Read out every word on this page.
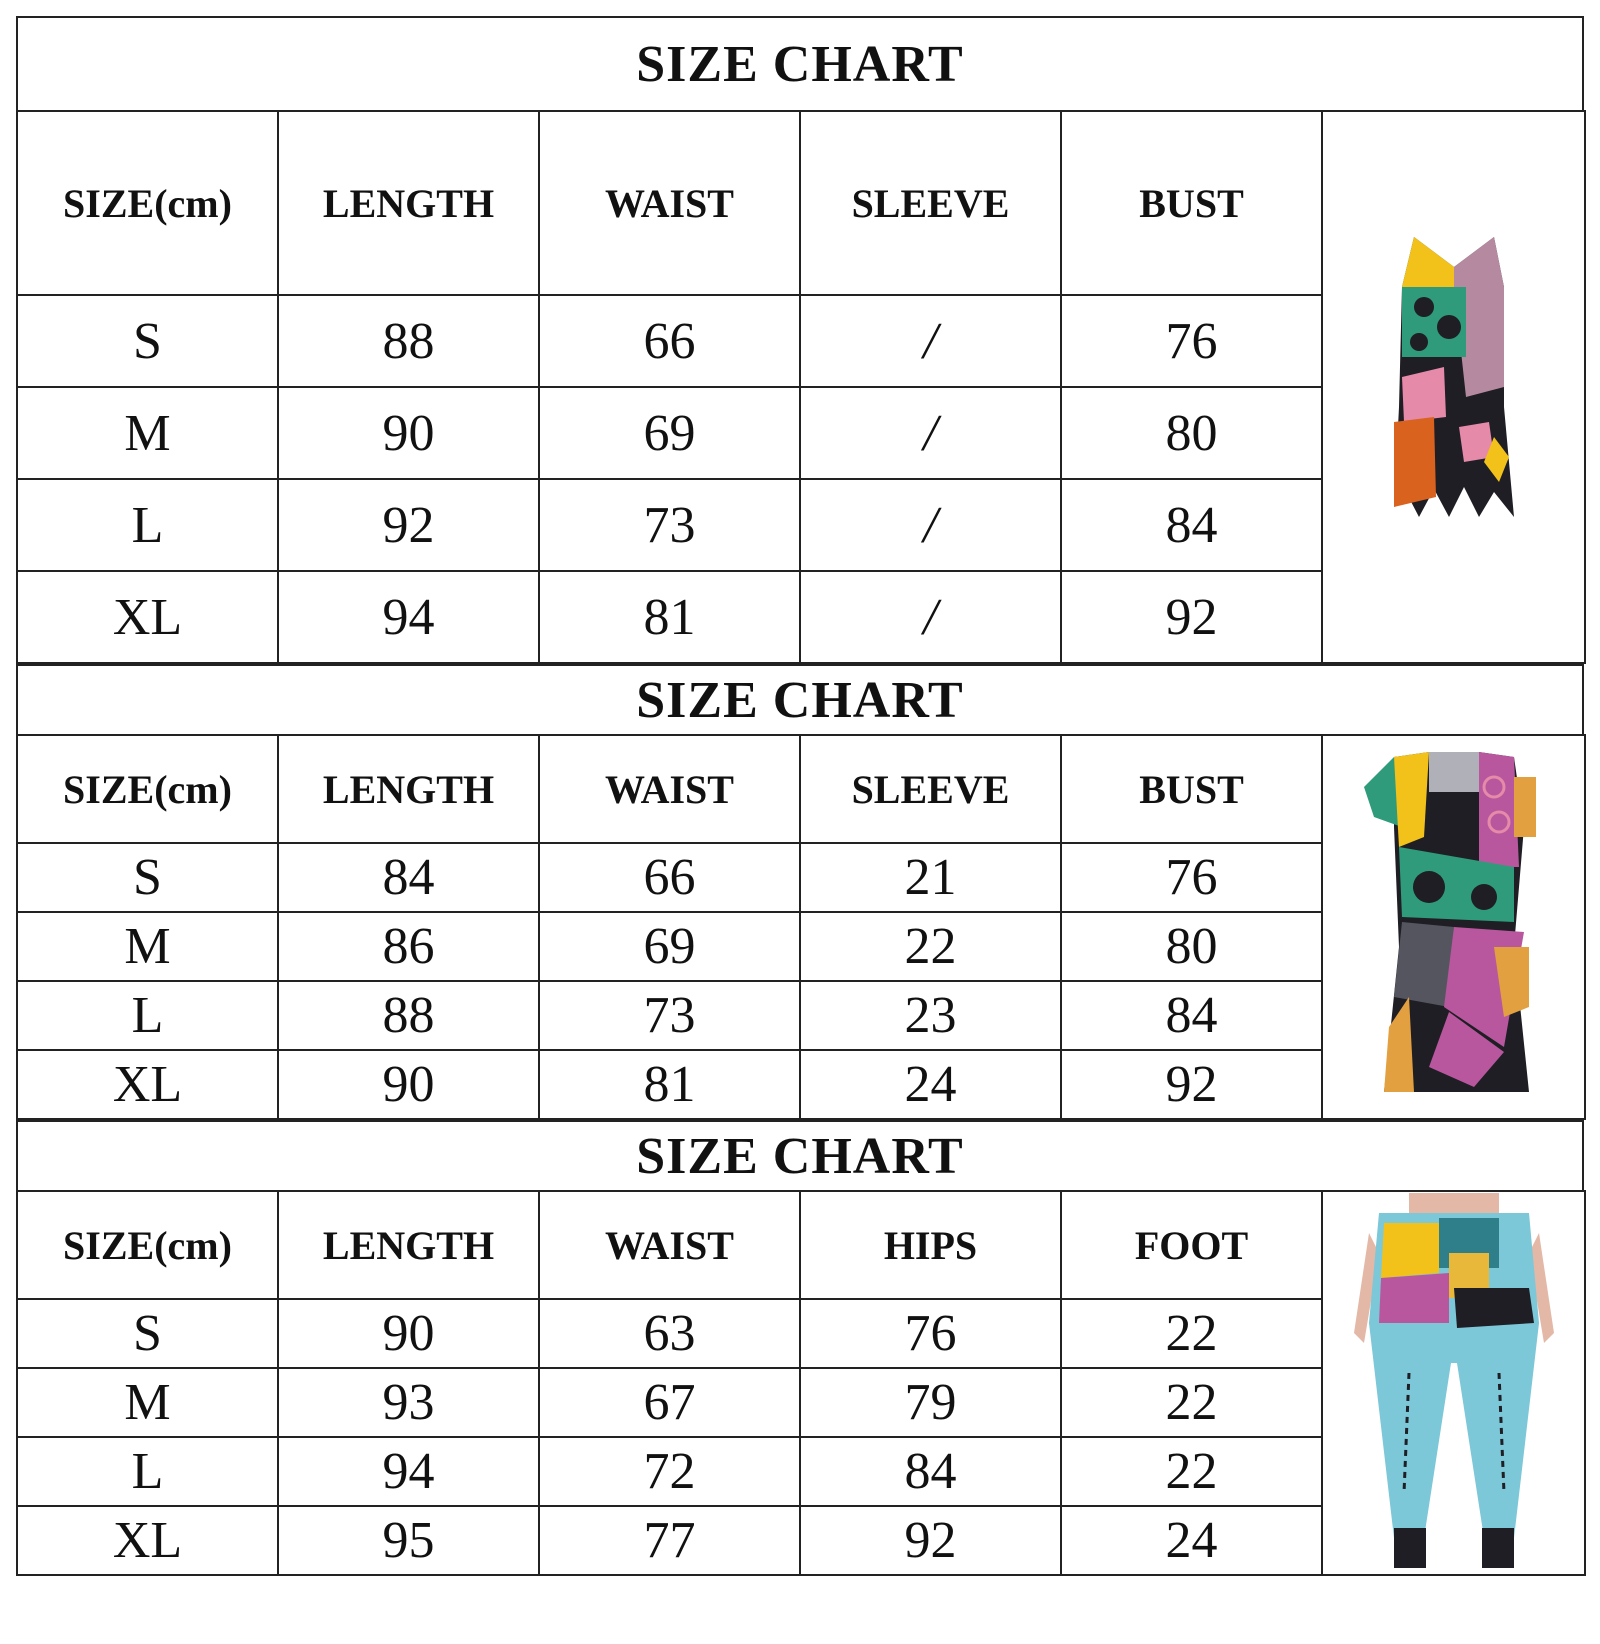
SIZE CHART
SIZE(cm)	LENGTH	WAIST	SLEEVE	BUST	

S	88	66	/	76	
M	90	69	/	80	
L	92	73	/	84	
XL	94	81	/	92	
SIZE CHART
SIZE(cm)	LENGTH	WAIST	SLEEVE	BUST	

S	84	66	21	76	
M	86	69	22	80	
L	88	73	23	84	
XL	90	81	24	92	
SIZE CHART
SIZE(cm)	LENGTH	WAIST	HIPS	FOOT	

S	90	63	76	22	
M	93	67	79	22	
L	94	72	84	22	
XL	95	77	92	24	
